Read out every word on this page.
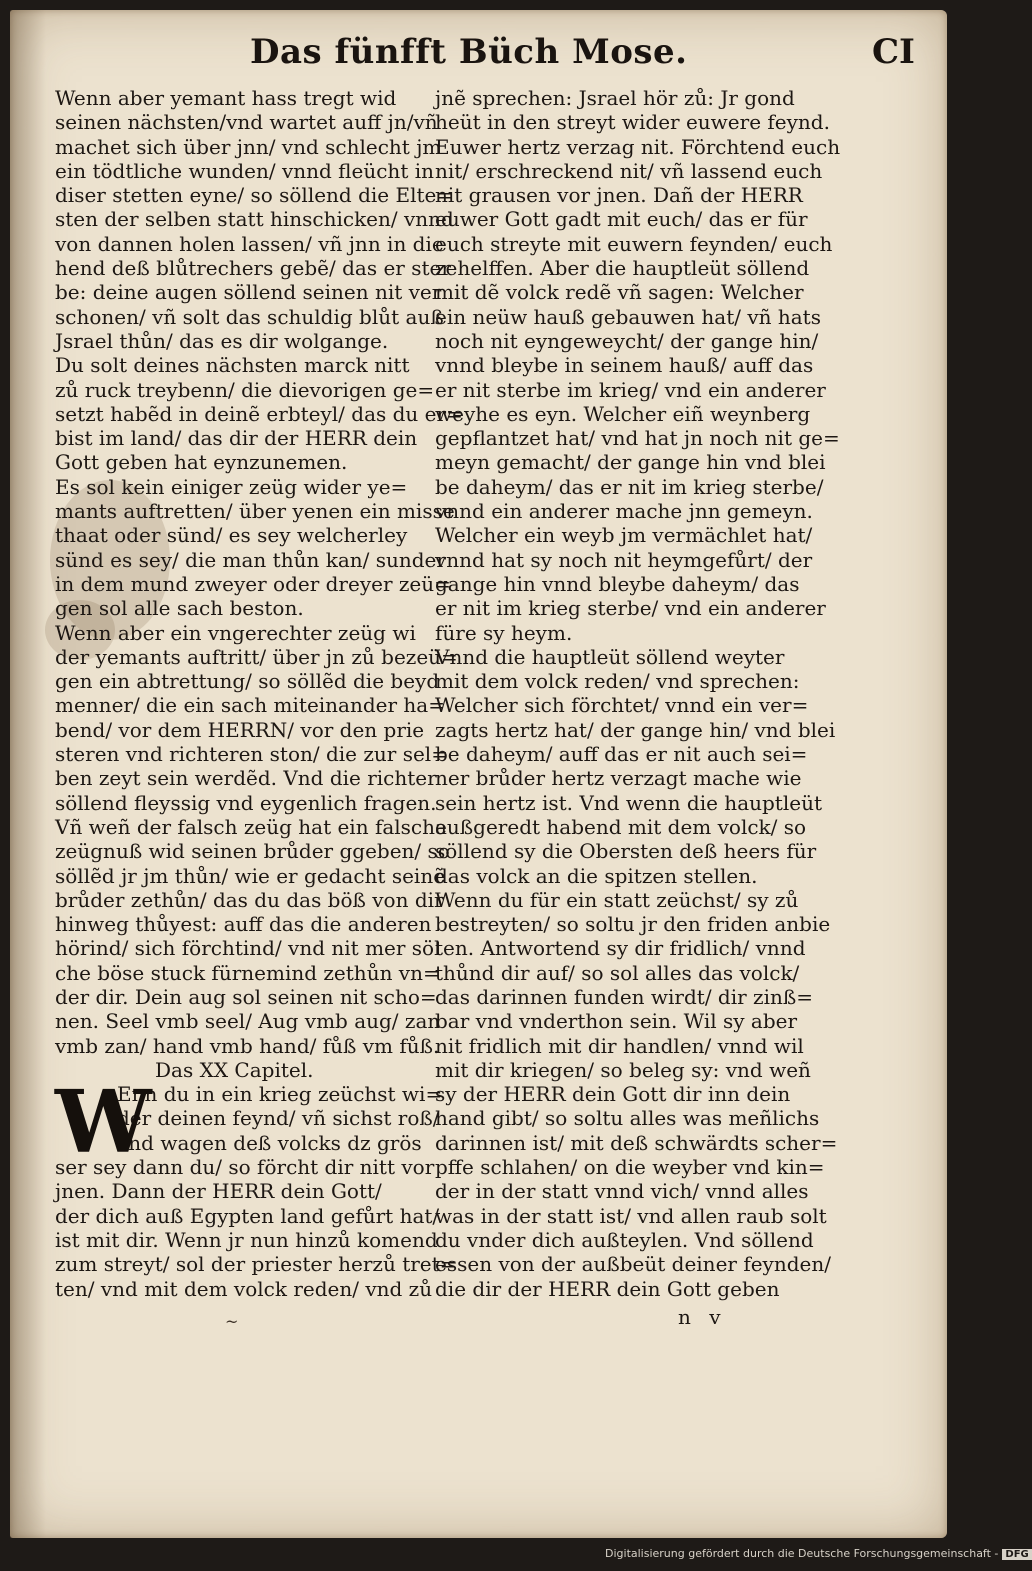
Das fünfft Büch Mose.	CI
Wenn aber yemant hass tregt wid
seinen nächsten/vnd wartet auff jn/vñ
machet sich über jnn/ vnd schlecht jm
ein tödtliche wunden/ vnnd fleücht in
diser stetten eyne/ so söllend die Elte=
sten der selben statt hinschicken/ vnnd
von dannen holen lassen/ vñ jnn in die
hend deß blůtrechers gebẽ/ das er ster
be: deine augen söllend seinen nit ver
schonen/ vñ solt das schuldig blůt auß
Jsrael thůn/ das es dir wolgange.
Du solt deines nächsten marck nitt
zů ruck treybenn/ die dievorigen ge=
setzt habẽd in deinẽ erbteyl/ das du er=
bist im land/ das dir der HERR dein
Gott geben hat eynzunemen.
Es sol kein einiger zeüg wider ye=
mants auftretten/ über yenen ein misse
thaat oder sünd/ es sey welcherley
sünd es sey/ die man thůn kan/ sunder
in dem mund zweyer oder dreyer zeü=
gen sol alle sach beston.
Wenn aber ein vngerechter zeüg wi
der yemants auftritt/ über jn zů bezeü=
gen ein abtrettung/ so söllẽd die beyd
menner/ die ein sach miteinander ha=
bend/ vor dem HERRN/ vor den prie
steren vnd richteren ston/ die zur sel=
ben zeyt sein werdẽd. Vnd die richter
söllend fleyssig vnd eygenlich fragen.
Vñ weñ der falsch zeüg hat ein falsche
zeügnuß wid seinen brůder ggeben/ so
söllẽd jr jm thůn/ wie er gedacht seinẽ
brůder zethůn/ das du das böß von dir
hinweg thůyest: auff das die anderen
hörind/ sich förchtind/ vnd nit mer söl
che böse stuck fürnemind zethůn vn=
der dir. Dein aug sol seinen nit scho=
nen. Seel vmb seel/ Aug vmb aug/ zan
vmb zan/ hand vmb hand/ fůß vm fůß.
Das XX Capitel.
W
Enn du in ein krieg zeüchst wi=
der deinen feynd/ vñ sichst roß/
vnd wagen deß volcks dz grös
ser sey dann du/ so förcht dir nitt vor
jnen. Dann der HERR dein Gott/
der dich auß Egypten land gefůrt hat/
ist mit dir. Wenn jr nun hinzů komend
zum streyt/ sol der priester herzů tret=
ten/ vnd mit dem volck reden/ vnd zů
jnẽ sprechen: Jsrael hör zů: Jr gond
heüt in den streyt wider euwere feynd.
Euwer hertz verzag nit. Förchtend euch
nit/ erschreckend nit/ vñ lassend euch
nit grausen vor jnen. Dañ der HERR
euwer Gott gadt mit euch/ das er für
euch streyte mit euwern feynden/ euch
zehelffen. Aber die hauptleüt söllend
mit dẽ volck redẽ vñ sagen: Welcher
ein neüw hauß gebauwen hat/ vñ hats
noch nit eyngeweycht/ der gange hin/
vnnd bleybe in seinem hauß/ auff das
er nit sterbe im krieg/ vnd ein anderer
weyhe es eyn. Welcher eiñ weynberg
gepflantzet hat/ vnd hat jn noch nit ge=
meyn gemacht/ der gange hin vnd blei
be daheym/ das er nit im krieg sterbe/
vnnd ein anderer mache jnn gemeyn.
Welcher ein weyb jm vermächlet hat/
vnnd hat sy noch nit heymgefůrt/ der
gange hin vnnd bleybe daheym/ das
er nit im krieg sterbe/ vnd ein anderer
füre sy heym.
Vnnd die hauptleüt söllend weyter
mit dem volck reden/ vnd sprechen:
Welcher sich förchtet/ vnnd ein ver=
zagts hertz hat/ der gange hin/ vnd blei
be daheym/ auff das er nit auch sei=
ner brůder hertz verzagt mache wie
sein hertz ist. Vnd wenn die hauptleüt
außgeredt habend mit dem volck/ so
söllend sy die Obersten deß heers für
das volck an die spitzen stellen.
Wenn du für ein statt zeüchst/ sy zů
bestreyten/ so soltu jr den friden anbie
ten. Antwortend sy dir fridlich/ vnnd
thůnd dir auf/ so sol alles das volck/
das darinnen funden wirdt/ dir zinß=
bar vnd vnderthon sein. Wil sy aber
nit fridlich mit dir handlen/ vnnd wil
mit dir kriegen/ so beleg sy: vnd weñ
sy der HERR dein Gott dir inn dein
hand gibt/ so soltu alles was meñlichs
darinnen ist/ mit deß schwärdts scher=
pffe schlahen/ on die weyber vnd kin=
der in der statt vnnd vich/ vnnd alles
was in der statt ist/ vnd allen raub solt
du vnder dich außteylen. Vnd söllend
essen von der außbeüt deiner feynden/
die dir der HERR dein Gott geben
~	n v
Digitalisierung gefördert durch die Deutsche Forschungsgemeinschaft - DFG
